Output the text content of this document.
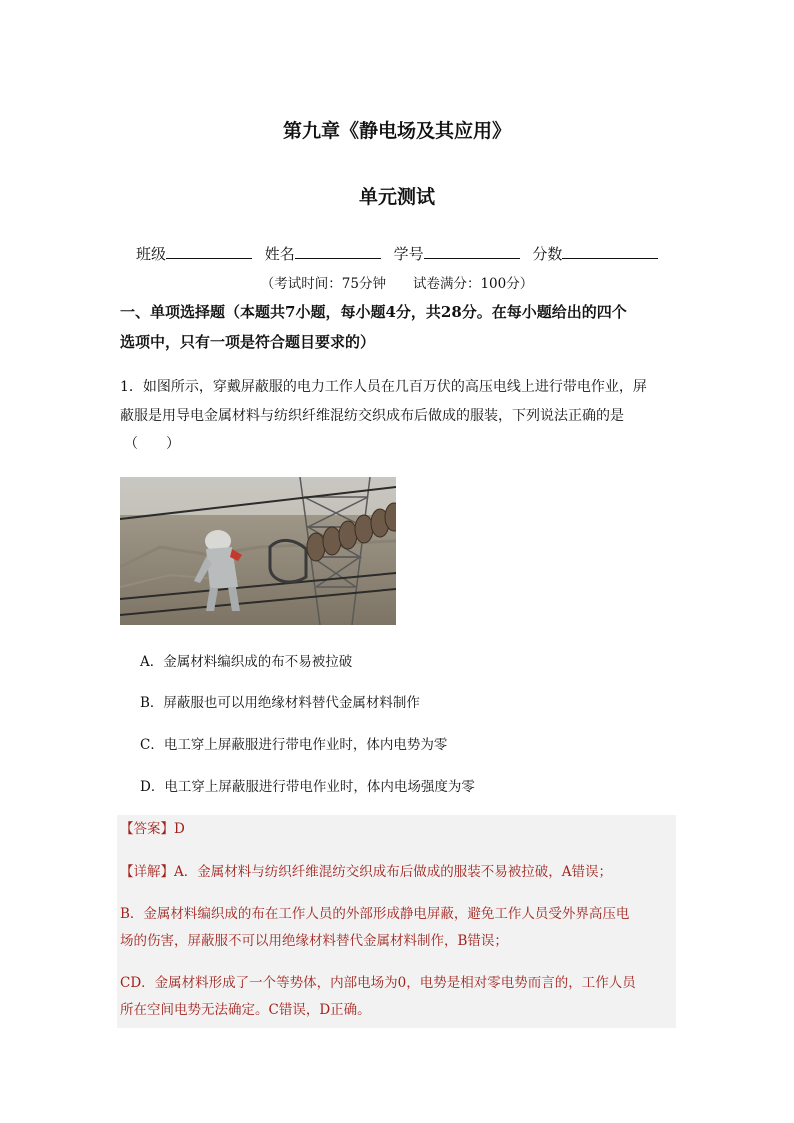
第九章《静电场及其应用》
单元测试
班级	姓名	学号	分数
（考试时间：75分钟　　试卷满分：100分）
一、单项选择题（本题共7小题，每小题4分，共28分。在每小题给出的四个
选项中，只有一项是符合题目要求的）
1．如图所示，穿戴屏蔽服的电力工作人员在几百万伏的高压电线上进行带电作业，屏
蔽服是用导电金属材料与纺织纤维混纺交织成布后做成的服装，下列说法正确的是
（　　）
A．金属材料编织成的布不易被拉破
B．屏蔽服也可以用绝缘材料替代金属材料制作
C．电工穿上屏蔽服进行带电作业时，体内电势为零
D．电工穿上屏蔽服进行带电作业时，体内电场强度为零
【答案】D
【详解】A．金属材料与纺织纤维混纺交织成布后做成的服装不易被拉破，A错误；
B．金属材料编织成的布在工作人员的外部形成静电屏蔽，避免工作人员受外界高压电
场的伤害，屏蔽服不可以用绝缘材料替代金属材料制作，B错误；
CD．金属材料形成了一个等势体，内部电场为0，电势是相对零电势而言的，工作人员
所在空间电势无法确定。C错误，D正确。
